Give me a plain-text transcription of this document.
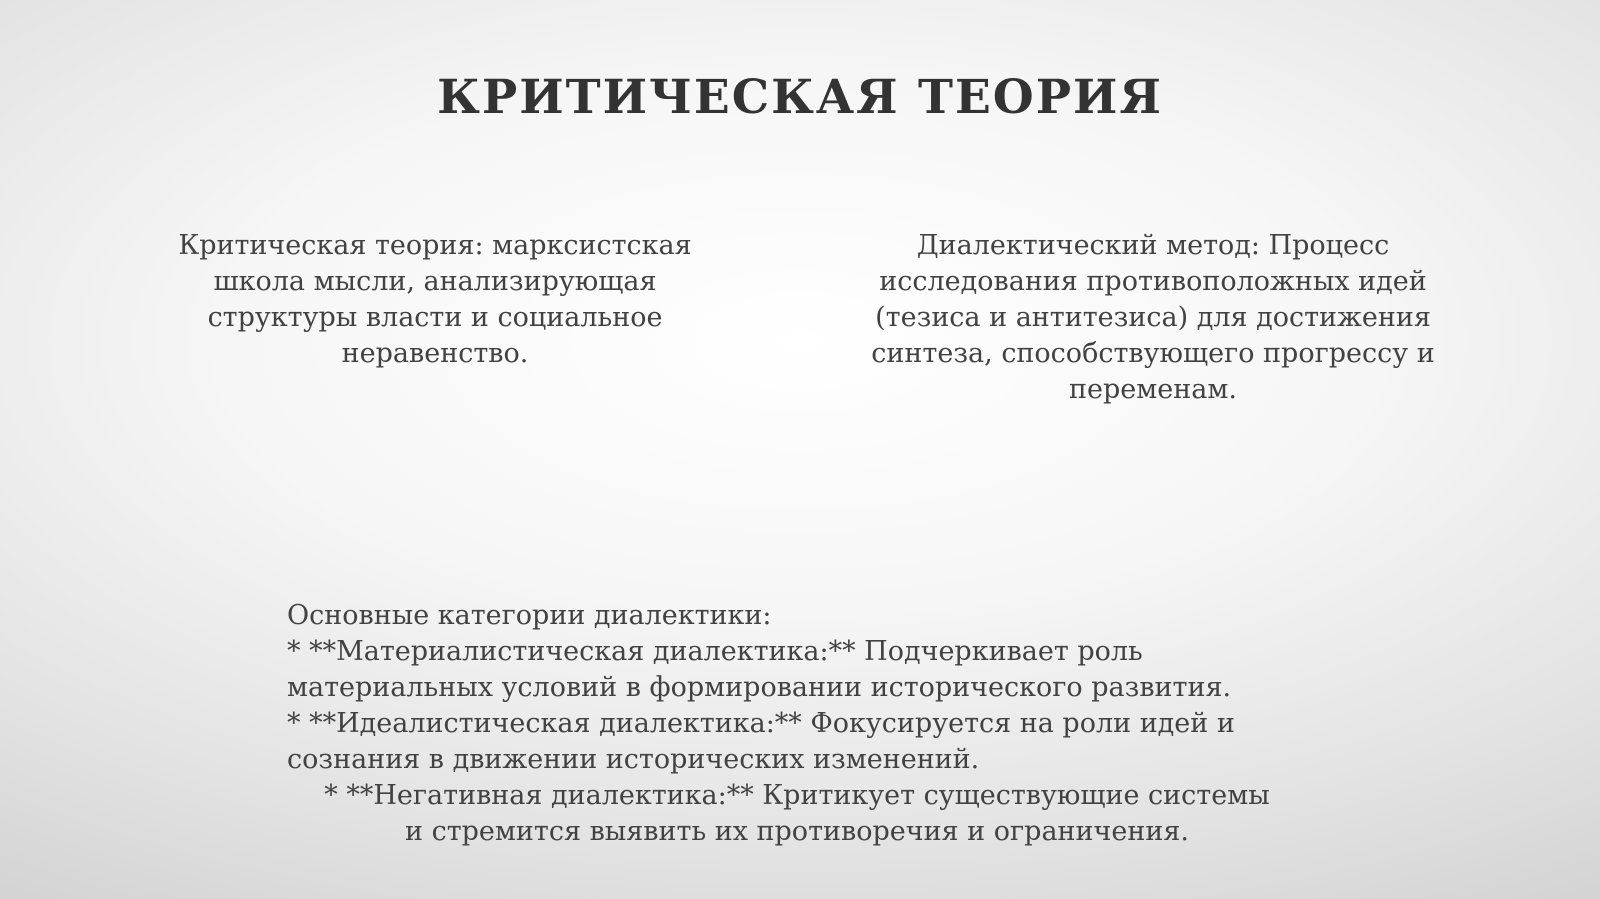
КРИТИЧЕСКАЯ ТЕОРИЯ

Критическая теория: марксистская школа мысли, анализирующая структуры власти и социальное неравенство.

Диалектический метод: Процесс исследования противоположных идей (тезиса и антитезиса) для достижения синтеза, способствующего прогрессу и переменам.

Основные категории диалектики:
* **Материалистическая диалектика:** Подчеркивает роль
материальных условий в формировании исторического развития.
* **Идеалистическая диалектика:** Фокусируется на роли идей и
сознания в движении исторических изменений.
* **Негативная диалектика:** Критикует существующие системы
и стремится выявить их противоречия и ограничения.
